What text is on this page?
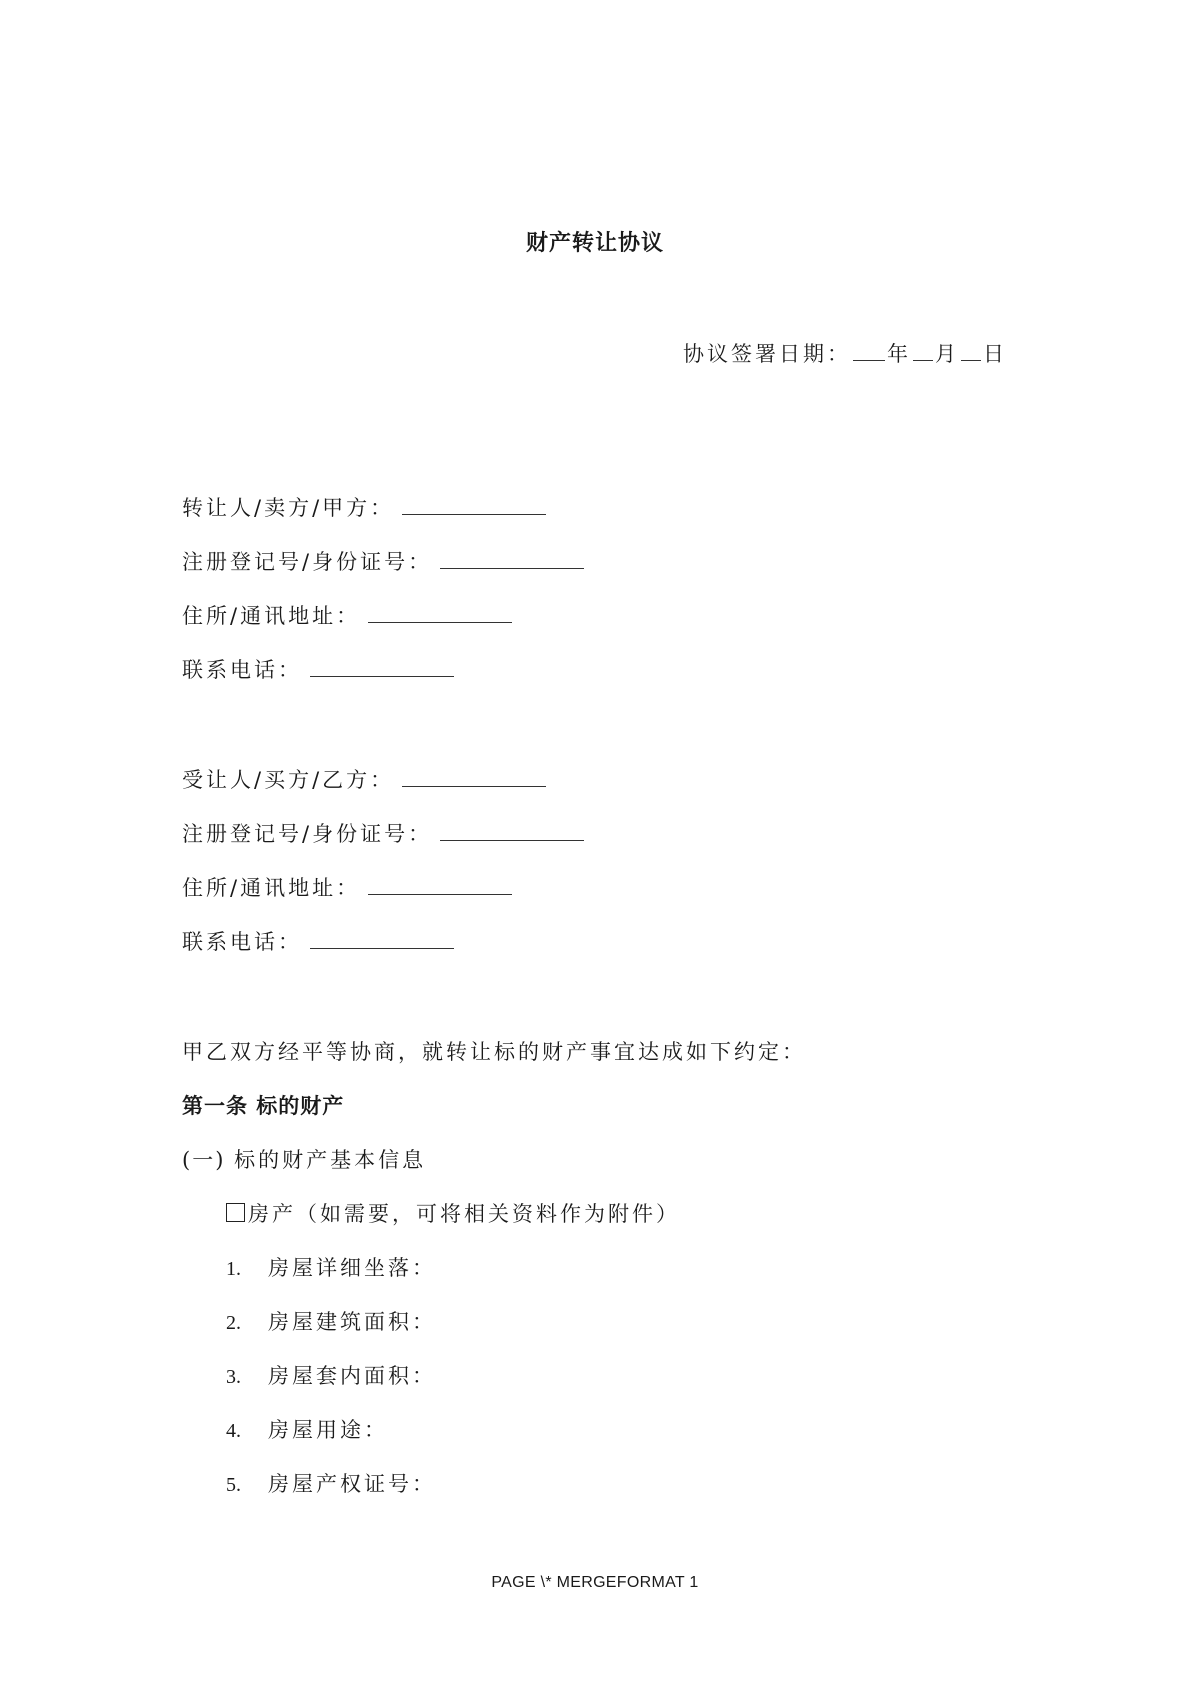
财产转让协议
协议签署日期： 年 月 日
转让人/卖方/甲方：
注册登记号/身份证号：
住所/通讯地址：
联系电话：
受让人/买方/乙方：
注册登记号/身份证号：
住所/通讯地址：
联系电话：
甲乙双方经平等协商，就转让标的财产事宜达成如下约定：
第一条 标的财产
(一) 标的财产基本信息
房产（如需要，可将相关资料作为附件）
1. 房屋详细坐落：
2. 房屋建筑面积：
3. 房屋套内面积：
4. 房屋用途：
5. 房屋产权证号：
PAGE \* MERGEFORMAT 1
